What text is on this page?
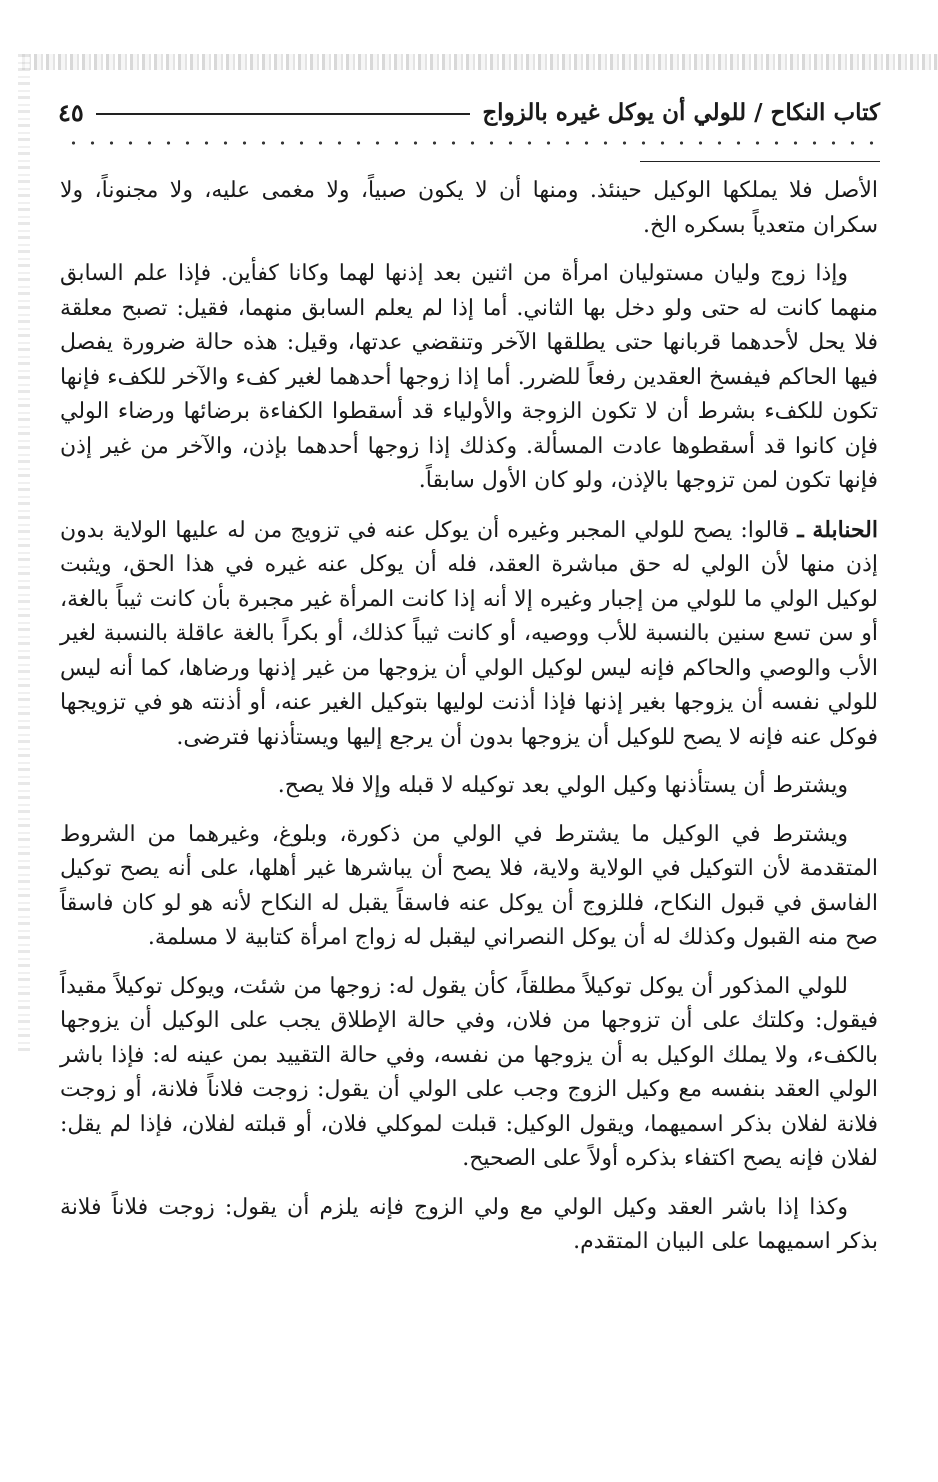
كتاب النكاح / للولي أن يوكل غيره بالزواج
٤٥

الأصل فلا يملكها الوكيل حينئذ. ومنها أن لا يكون صبياً، ولا مغمى عليه، ولا مجنوناً، ولا سكران متعدياً بسكره الخ.

وإذا زوج وليان مستوليان امرأة من اثنين بعد إذنها لهما وكانا كفأين. فإذا علم السابق منهما كانت له حتى ولو دخل بها الثاني. أما إذا لم يعلم السابق منهما، فقيل: تصبح معلقة فلا يحل لأحدهما قربانها حتى يطلقها الآخر وتنقضي عدتها، وقيل: هذه حالة ضرورة يفصل فيها الحاكم فيفسخ العقدين رفعاً للضرر. أما إذا زوجها أحدهما لغير كفء والآخر للكفء فإنها تكون للكفء بشرط أن لا تكون الزوجة والأولياء قد أسقطوا الكفاءة برضائها ورضاء الولي فإن كانوا قد أسقطوها عادت المسألة. وكذلك إذا زوجها أحدهما بإذن، والآخر من غير إذن فإنها تكون لمن تزوجها بالإذن، ولو كان الأول سابقاً.

الحنابلة ـ قالوا: يصح للولي المجبر وغيره أن يوكل عنه في تزويج من له عليها الولاية بدون إذن منها لأن الولي له حق مباشرة العقد، فله أن يوكل عنه غيره في هذا الحق، ويثبت لوكيل الولي ما للولي من إجبار وغيره إلا أنه إذا كانت المرأة غير مجبرة بأن كانت ثيباً بالغة، أو سن تسع سنين بالنسبة للأب ووصيه، أو كانت ثيباً كذلك، أو بكراً بالغة عاقلة بالنسبة لغير الأب والوصي والحاكم فإنه ليس لوكيل الولي أن يزوجها من غير إذنها ورضاها، كما أنه ليس للولي نفسه أن يزوجها بغير إذنها فإذا أذنت لوليها بتوكيل الغير عنه، أو أذنته هو في تزويجها فوكل عنه فإنه لا يصح للوكيل أن يزوجها بدون أن يرجع إليها ويستأذنها فترضى.

ويشترط أن يستأذنها وكيل الولي بعد توكيله لا قبله وإلا فلا يصح.

ويشترط في الوكيل ما يشترط في الولي من ذكورة، وبلوغ، وغيرهما من الشروط المتقدمة لأن التوكيل في الولاية ولاية، فلا يصح أن يباشرها غير أهلها، على أنه يصح توكيل الفاسق في قبول النكاح، فللزوج أن يوكل عنه فاسقاً يقبل له النكاح لأنه هو لو كان فاسقاً صح منه القبول وكذلك له أن يوكل النصراني ليقبل له زواج امرأة كتابية لا مسلمة.

للولي المذكور أن يوكل توكيلاً مطلقاً، كأن يقول له: زوجها من شئت، ويوكل توكيلاً مقيداً فيقول: وكلتك على أن تزوجها من فلان، وفي حالة الإطلاق يجب على الوكيل أن يزوجها بالكفء، ولا يملك الوكيل به أن يزوجها من نفسه، وفي حالة التقييد بمن عينه له: فإذا باشر الولي العقد بنفسه مع وكيل الزوج وجب على الولي أن يقول: زوجت فلاناً فلانة، أو زوجت فلانة لفلان بذكر اسميهما، ويقول الوكيل: قبلت لموكلي فلان، أو قبلته لفلان، فإذا لم يقل: لفلان فإنه يصح اكتفاء بذكره أولاً على الصحيح.

وكذا إذا باشر العقد وكيل الولي مع ولي الزوج فإنه يلزم أن يقول: زوجت فلاناً فلانة بذكر اسميهما على البيان المتقدم.
